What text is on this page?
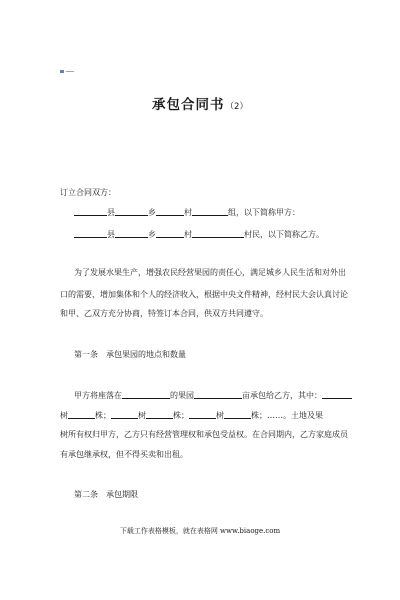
承包合同书（2）
订立合同双方：
县	乡	村	组，以下简称甲方：
县	乡	村	村民，以下简称乙方。
为了发展水果生产，增强农民经营果园的责任心，满足城乡人民生活和对外出
口的需要，增加集体和个人的经济收入，根据中央文件精神，经村民大会认真讨论
和甲、乙双方充分协商，特签订本合同，供双方共同遵守。
第一条　承包果园的地点和数量
甲方将座落在	的果园	亩承包给乙方，其中：
树	株；	树	株；	树	株；……。土地及果
树所有权归甲方，乙方只有经营管理权和承包受益权。在合同期内，乙方家庭成员
有承包继承权，但不得买卖和出租。
第二条　承包期限
下载工作表格模板，就在表格网 www.biaoge.com
